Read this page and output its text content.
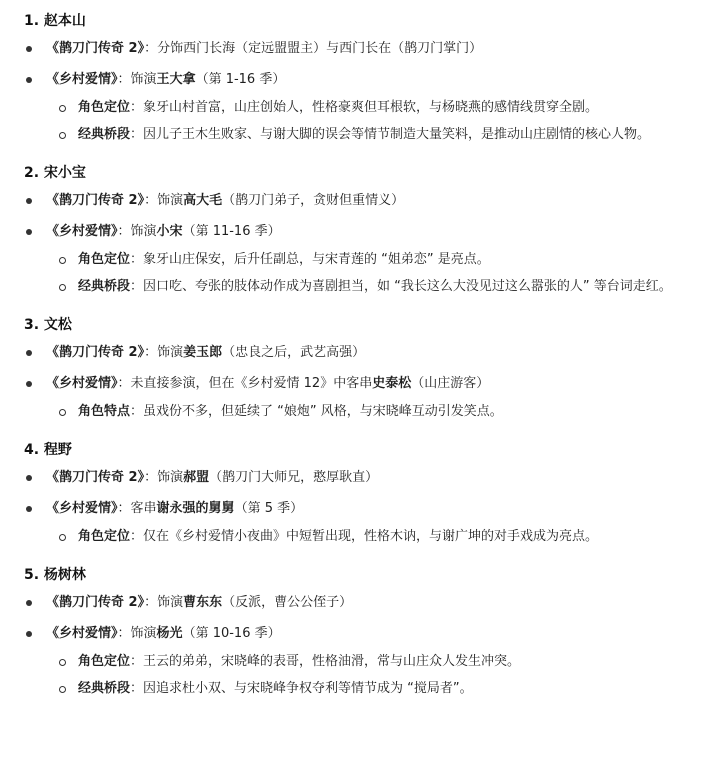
1. 赵本山
《鹊刀门传奇 2》：分饰西门长海（定远盟盟主）与西门长在（鹊刀门掌门）
《乡村爱情》：饰演王大拿（第 1-16 季）
角色定位：象牙山村首富，山庄创始人，性格豪爽但耳根软，与杨晓燕的感情线贯穿全剧。
经典桥段：因儿子王木生败家、与谢大脚的误会等情节制造大量笑料，是推动山庄剧情的核心人物。
2. 宋小宝
《鹊刀门传奇 2》：饰演高大毛（鹊刀门弟子，贪财但重情义）
《乡村爱情》：饰演小宋（第 11-16 季）
角色定位：象牙山庄保安，后升任副总，与宋青莲的 “姐弟恋” 是亮点。
经典桥段：因口吃、夸张的肢体动作成为喜剧担当，如 “我长这么大没见过这么嚣张的人” 等台词走红。
3. 文松
《鹊刀门传奇 2》：饰演姜玉郎（忠良之后，武艺高强）
《乡村爱情》：未直接参演，但在《乡村爱情 12》中客串史泰松（山庄游客）
角色特点：虽戏份不多，但延续了 “娘炮” 风格，与宋晓峰互动引发笑点。
4. 程野
《鹊刀门传奇 2》：饰演郝盟（鹊刀门大师兄，憨厚耿直）
《乡村爱情》：客串谢永强的舅舅（第 5 季）
角色定位：仅在《乡村爱情小夜曲》中短暂出现，性格木讷，与谢广坤的对手戏成为亮点。
5. 杨树林
《鹊刀门传奇 2》：饰演曹东东（反派，曹公公侄子）
《乡村爱情》：饰演杨光（第 10-16 季）
角色定位：王云的弟弟，宋晓峰的表哥，性格油滑，常与山庄众人发生冲突。
经典桥段：因追求杜小双、与宋晓峰争权夺利等情节成为 “搅局者”。
